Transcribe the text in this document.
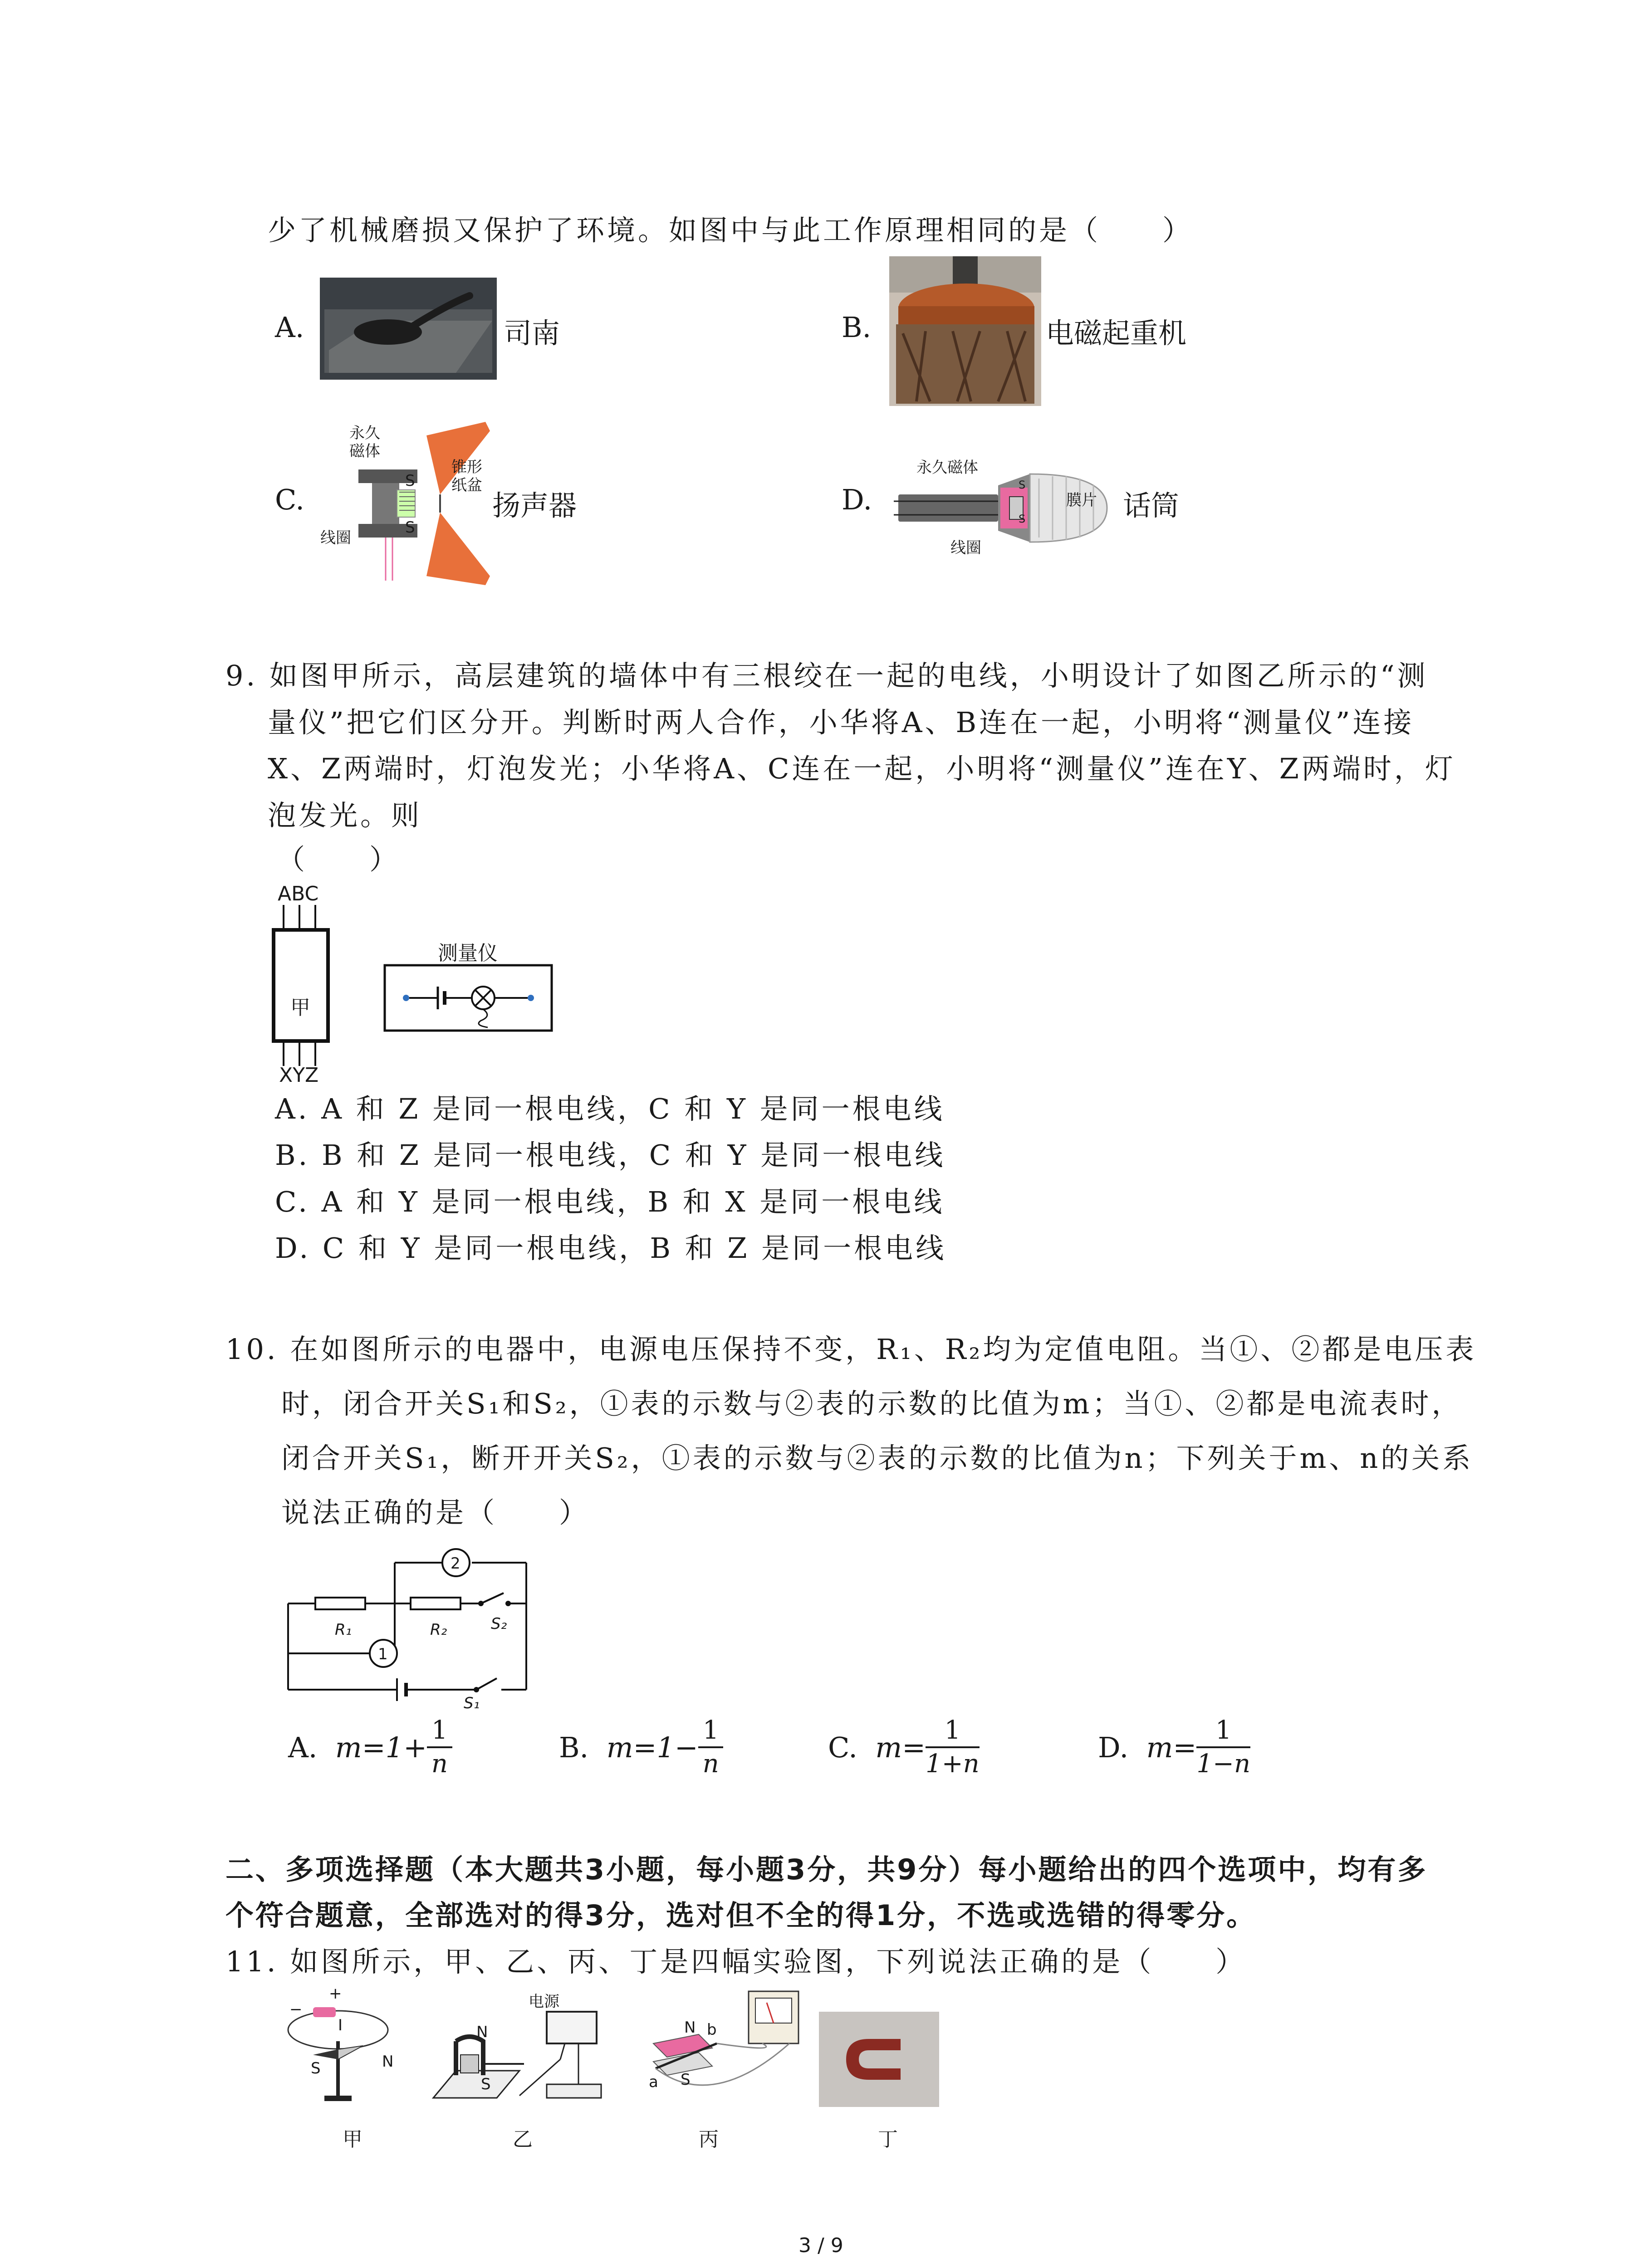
少了机械磨损又保护了环境。如图中与此工作原理相同的是（　　）
A.	司南	B.	电磁起重机
C.
永久
磁体
锥形
纸盆
线圈
S
S
扬声器	D.
永久磁体
膜片
线圈
S
S	话筒
9. 如图甲所示，高层建筑的墙体中有三根绞在一起的电线，小明设计了如图乙所示的“测
量仪”把它们区分开。判断时两人合作，小华将A、B连在一起，小明将“测量仪”连接
X、Z两端时，灯泡发光；小华将A、C连在一起，小明将“测量仪”连在Y、Z两端时，灯
泡发光。则
（　　）
ABC
甲
XYZ
测量仪
A. A 和 Z 是同一根电线，C 和 Y 是同一根电线
B. B 和 Z 是同一根电线，C 和 Y 是同一根电线
C. A 和 Y 是同一根电线，B 和 X 是同一根电线
D. C 和 Y 是同一根电线，B 和 Z 是同一根电线
10. 在如图所示的电器中，电源电压保持不变，R₁、R₂均为定值电阻。当①、②都是电压表
时，闭合开关S₁和S₂，①表的示数与②表的示数的比值为m；当①、②都是电流表时，
闭合开关S₁，断开开关S₂，①表的示数与②表的示数的比值为n；下列关于m、n的关系
说法正确的是（　　）
2
1
R₁	R₂	S₂
S₁
A.
$m=1+ \frac{1}{n}$	B.
$m=1- \frac{1}{n}$	C.
$m= \frac{1}{1+n}$	D.
$m= \frac{1}{1-n}$
二、多项选择题（本大题共3小题，每小题3分，共9分）每小题给出的四个选项中，均有多
个符合题意，全部选对的得3分，选对但不全的得1分，不选或选错的得零分。
11. 如图所示，甲、乙、丙、丁是四幅实验图，下列说法正确的是（　　）
+
−
I
S	N
甲
电源
N
S
乙
N b
a S
丙	丁
3 / 9
